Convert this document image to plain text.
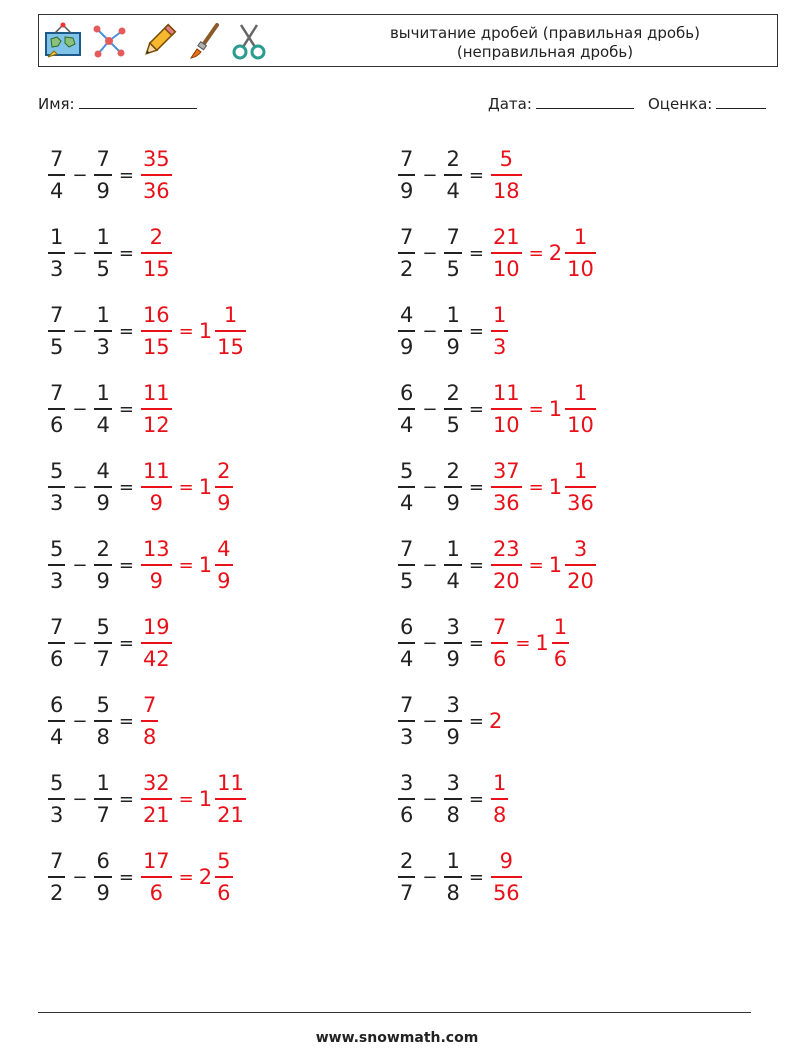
вычитание дробей (правильная дробь)
(неправильная дробь)
Имя:	Дата:	Оценка:
$\frac{7}{4} - \frac{7}{9} = \frac{35}{36}$	$\frac{7}{9} - \frac{2}{4} = \frac{5}{18}$
$\frac{1}{3} - \frac{1}{5} = \frac{2}{15}$	$\frac{7}{2} - \frac{7}{5} = \frac{21}{10} = 2 \frac{1}{10}$
$\frac{7}{5} - \frac{1}{3} = \frac{16}{15} = 1 \frac{1}{15}$	$\frac{4}{9} - \frac{1}{9} = \frac{1}{3}$
$\frac{7}{6} - \frac{1}{4} = \frac{11}{12}$	$\frac{6}{4} - \frac{2}{5} = \frac{11}{10} = 1 \frac{1}{10}$
$\frac{5}{3} - \frac{4}{9} = \frac{11}{9} = 1 \frac{2}{9}$	$\frac{5}{4} - \frac{2}{9} = \frac{37}{36} = 1 \frac{1}{36}$
$\frac{5}{3} - \frac{2}{9} = \frac{13}{9} = 1 \frac{4}{9}$	$\frac{7}{5} - \frac{1}{4} = \frac{23}{20} = 1 \frac{3}{20}$
$\frac{7}{6} - \frac{5}{7} = \frac{19}{42}$	$\frac{6}{4} - \frac{3}{9} = \frac{7}{6} = 1 \frac{1}{6}$
$\frac{6}{4} - \frac{5}{8} = \frac{7}{8}$	$\frac{7}{3} - \frac{3}{9} = 2$
$\frac{5}{3} - \frac{1}{7} = \frac{32}{21} = 1 \frac{11}{21}$	$\frac{3}{6} - \frac{3}{8} = \frac{1}{8}$
$\frac{7}{2} - \frac{6}{9} = \frac{17}{6} = 2 \frac{5}{6}$	$\frac{2}{7} - \frac{1}{8} = \frac{9}{56}$
www.snowmath.com
